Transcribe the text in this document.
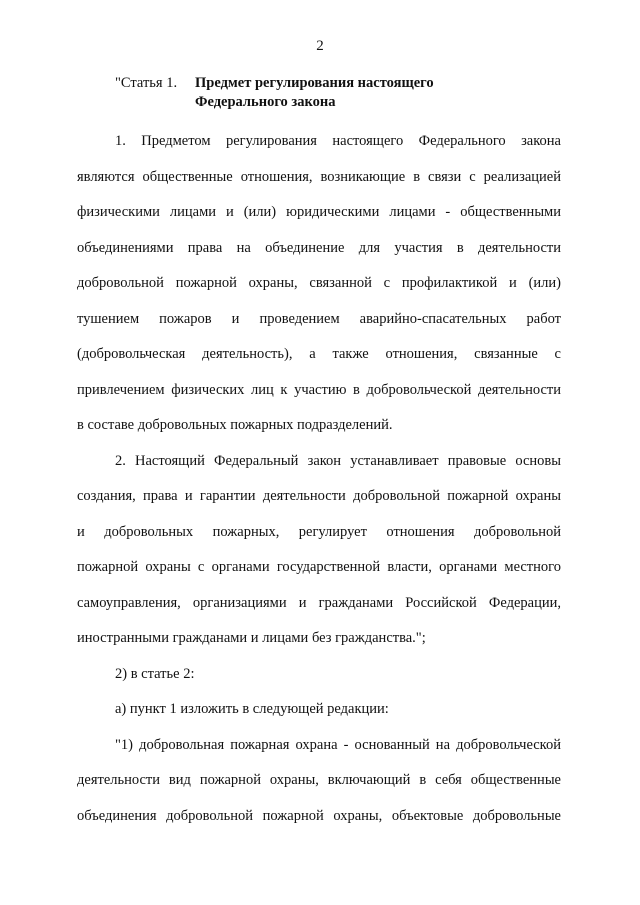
2
"Статья 1. Предмет регулирования настоящего
Федерального закона
1. Предметом регулирования настоящего Федерального закона
являются общественные отношения, возникающие в связи с реализацией
физическими лицами и (или) юридическими лицами - общественными
объединениями права на объединение для участия в деятельности
добровольной пожарной охраны, связанной с профилактикой и (или)
тушением пожаров и проведением аварийно-спасательных работ
(добровольческая деятельность), а также отношения, связанные с
привлечением физических лиц к участию в добровольческой деятельности
в составе добровольных пожарных подразделений.
2. Настоящий Федеральный закон устанавливает правовые основы
создания, права и гарантии деятельности добровольной пожарной охраны
и добровольных пожарных, регулирует отношения добровольной
пожарной охраны с органами государственной власти, органами местного
самоуправления, организациями и гражданами Российской Федерации,
иностранными гражданами и лицами без гражданства.";
2) в статье 2:
а) пункт 1 изложить в следующей редакции:
"1) добровольная пожарная охрана - основанный на добровольческой
деятельности вид пожарной охраны, включающий в себя общественные
объединения добровольной пожарной охраны, объектовые добровольные
